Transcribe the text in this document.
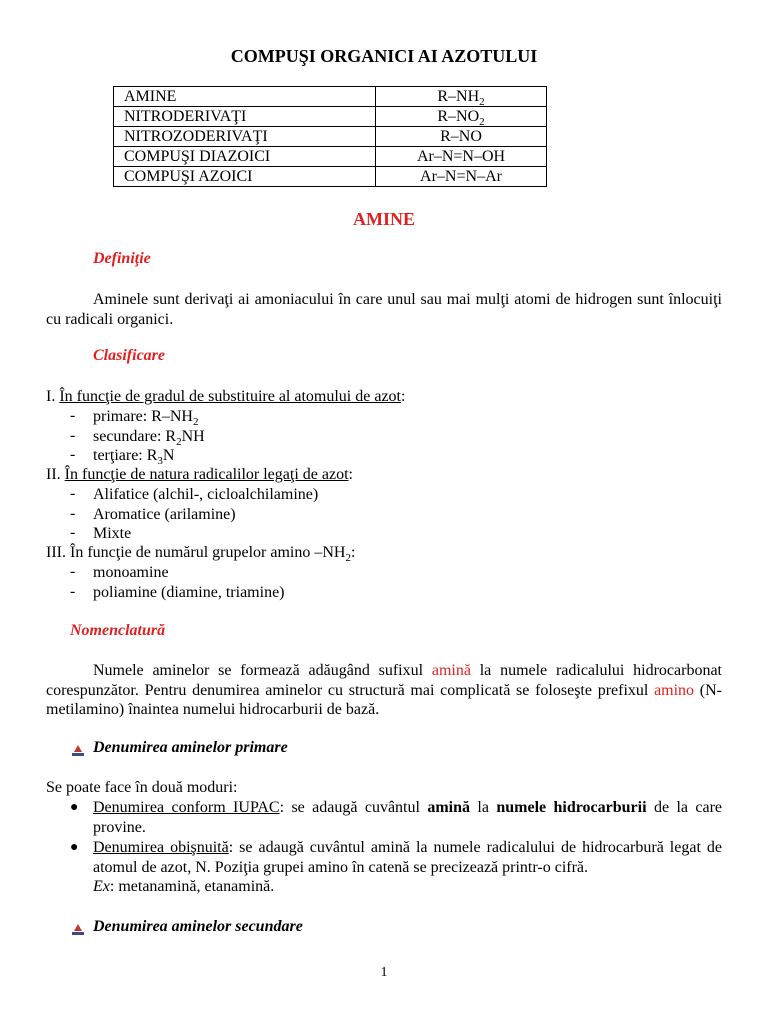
COMPUŞI ORGANICI AI AZOTULUI
AMINE	$R-NH_2$
NITRODERIVAŢI	$R-NO_2$
NITROZODERIVAŢI	R–NO
COMPUŞI DIAZOICI	Ar–N=N–OH
COMPUŞI AZOICI	Ar–N=N–Ar
AMINE
Definiţie
Aminele sunt derivaţi ai amoniacului în care unul sau mai mulţi atomi de hidrogen sunt înlocuiţi cu radicali organici.
Clasificare
I. În funcţie de gradul de substituire al atomului de azot:
- primare: $R-NH_2$
- secundare: $R_2NH$
- terţiare: $R_3N$
II. În funcţie de natura radicalilor legaţi de azot:
- Alifatice (alchil-, cicloalchilamine)
- Aromatice (arilamine)
- Mixte
III. În funcţie de numărul grupelor amino $-NH_2$:
- monoamine
- poliamine (diamine, triamine)
Nomenclatură
Numele aminelor se formează adăugând sufixul amină la numele radicalului hidrocarbonat corespunzător. Pentru denumirea aminelor cu structură mai complicată se foloseşte prefixul amino (N-metilamino) înaintea numelui hidrocarburii de bază.
Denumirea aminelor primare
Se poate face în două moduri:
● Denumirea conform IUPAC: se adaugă cuvântul amină la numele hidrocarburii de la care provine.
● Denumirea obişnuită: se adaugă cuvântul amină la numele radicalului de hidrocarbură legat de atomul de azot, N. Poziţia grupei amino în catenă se precizează printr-o cifră.
Ex: metanamină, etanamină.
Denumirea aminelor secundare
1
